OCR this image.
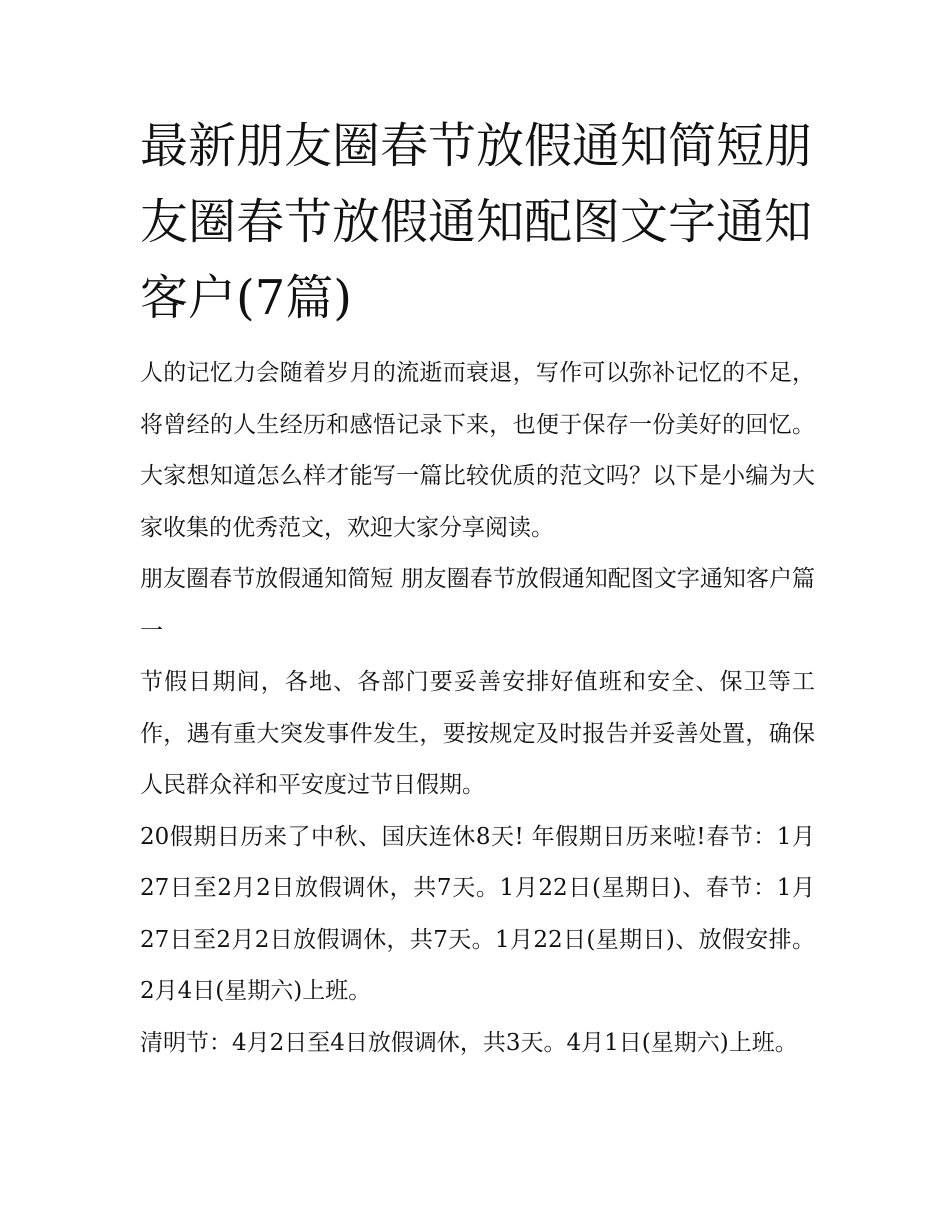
最新朋友圈春节放假通知简短朋友圈春节放假通知配图文字通知客户(7篇)

人的记忆力会随着岁月的流逝而衰退，写作可以弥补记忆的不足，将曾经的人生经历和感悟记录下来，也便于保存一份美好的回忆。大家想知道怎么样才能写一篇比较优质的范文吗？以下是小编为大家收集的优秀范文，欢迎大家分享阅读。

朋友圈春节放假通知简短 朋友圈春节放假通知配图文字通知客户篇一

节假日期间，各地、各部门要妥善安排好值班和安全、保卫等工作，遇有重大突发事件发生，要按规定及时报告并妥善处置，确保人民群众祥和平安度过节日假期。

20假期日历来了中秋、国庆连休8天! 年假期日历来啦!春节：1月27日至2月2日放假调休，共7天。1月22日(星期日)、春节：1月27日至2月2日放假调休，共7天。1月22日(星期日)、放假安排。2月4日(星期六)上班。

清明节：4月2日至4日放假调休，共3天。4月1日(星期六)上班。
